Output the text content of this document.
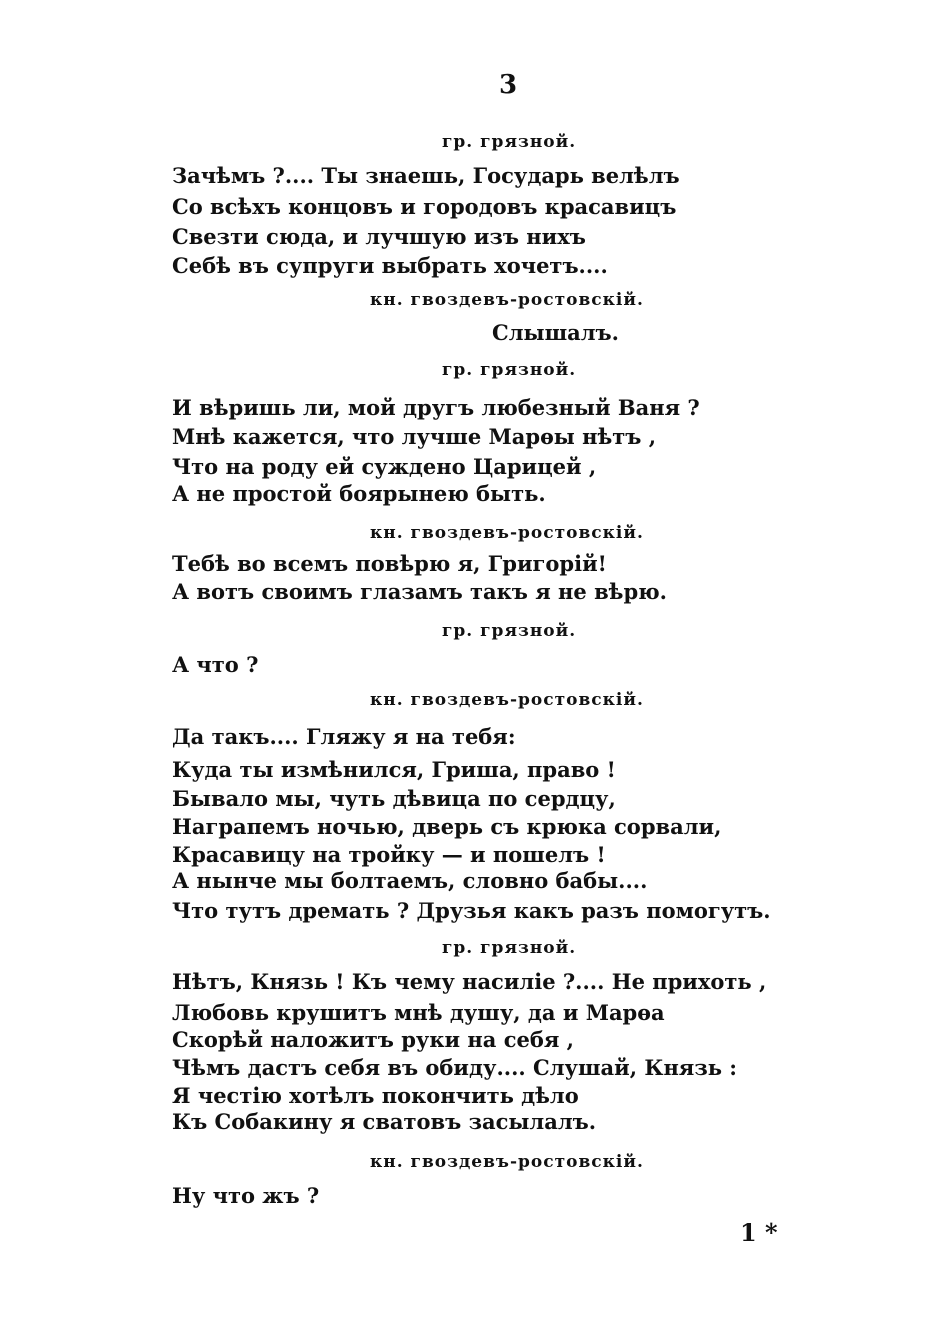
3
гр. грязной.
Зачѣмъ ?.... Ты знаешь, Государь велѣлъ
Со всѣхъ концовъ и городовъ красавицъ
Свезти сюда, и лучшую изъ нихъ
Себѣ въ супруги выбрать хочетъ....
кн. гвоздевъ-ростовскій.
Слышалъ.
гр. грязной.
И вѣришь ли, мой другъ любезный Ваня ?
Мнѣ кажется, что лучше Марѳы нѣтъ ,
Что на роду ей суждено Царицей ,
А не простой боярынею быть.
кн. гвоздевъ-ростовскій.
Тебѣ во всемъ повѣрю я, Григорій!
А вотъ своимъ глазамъ такъ я не вѣрю.
гр. грязной.
А что ?
кн. гвоздевъ-ростовскій.
Да такъ.... Гляжу я на тебя:
Куда ты измѣнился, Гриша, право !
Бывало мы, чуть дѣвица по сердцу,
Награпемъ ночью, дверь съ крюка сорвали,
Красавицу на тройку — и пошелъ !
А нынче мы болтаемъ, словно бабы....
Что тутъ дремать ? Друзья какъ разъ помогутъ.
гр. грязной.
Нѣтъ, Князь ! Къ чему насиліе ?.... Не прихоть ,
Любовь крушитъ мнѣ душу, да и Марѳа
Скорѣй наложитъ руки на себя ,
Чѣмъ дастъ себя въ обиду.... Слушай, Князь :
Я честію хотѣлъ покончить дѣло
Къ Собакину я сватовъ засылалъ.
кн. гвоздевъ-ростовскій.
Ну что жъ ?
1 *
